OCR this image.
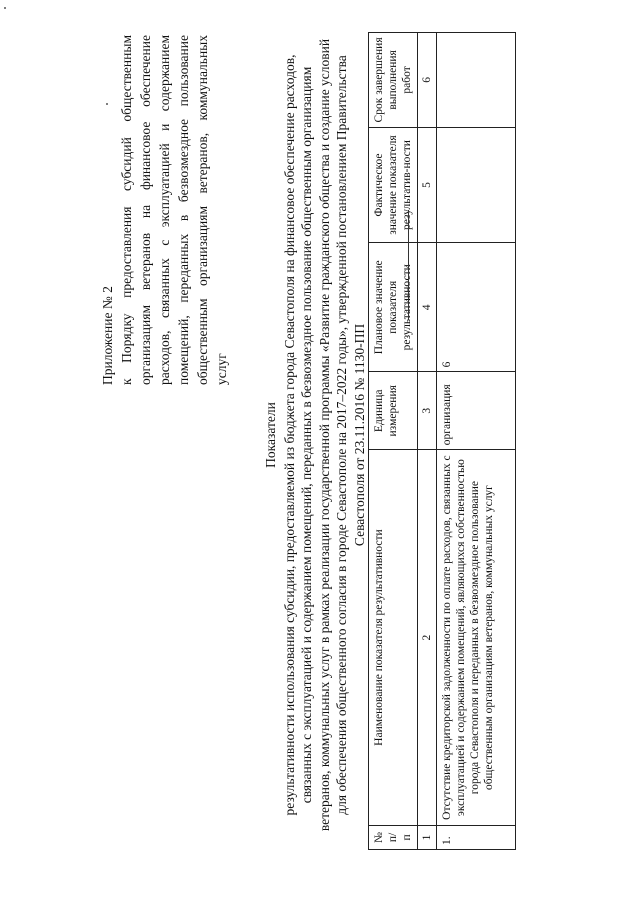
Приложение № 2 к Порядку предоставления субсидий общественным организациям ветеранов на финансовое обеспечение расходов, связанных с эксплуатацией и содержанием помещений, переданных в безвозмездное пользование общественным организациям ветеранов, коммунальных услуг
Показатели результативности использования субсидии, предоставляемой из бюджета города Севастополя на финансовое обеспечение расходов, связанных с эксплуатацией и содержанием помещений, переданных в безвозмездное пользование общественным организациям ветеранов, коммунальных услуг в рамках реализации государственной программы «Развитие гражданского общества и создание условий для обеспечения общественного согласия в городе Севастополе на 2017–2022 годы», утвержденной постановлением Правительства Севастополя от 23.11.2016 № 1130-ПП
№ п/п	Наименование показателя результативности	Единица измерения	Плановое значение показателя результативности	Фактическое значение показателя результатив-ности	Срок завершения выполнения работ
1	2	3	4	5	6
1.	Отсутствие кредиторской задолженности по оплате расходов, связанных с эксплуатацией и содержанием помещений, являющихся собственностью города Севастополя и переданных в безвозмездное пользование общественным организациям ветеранов, коммунальных услуг	организация	6		
